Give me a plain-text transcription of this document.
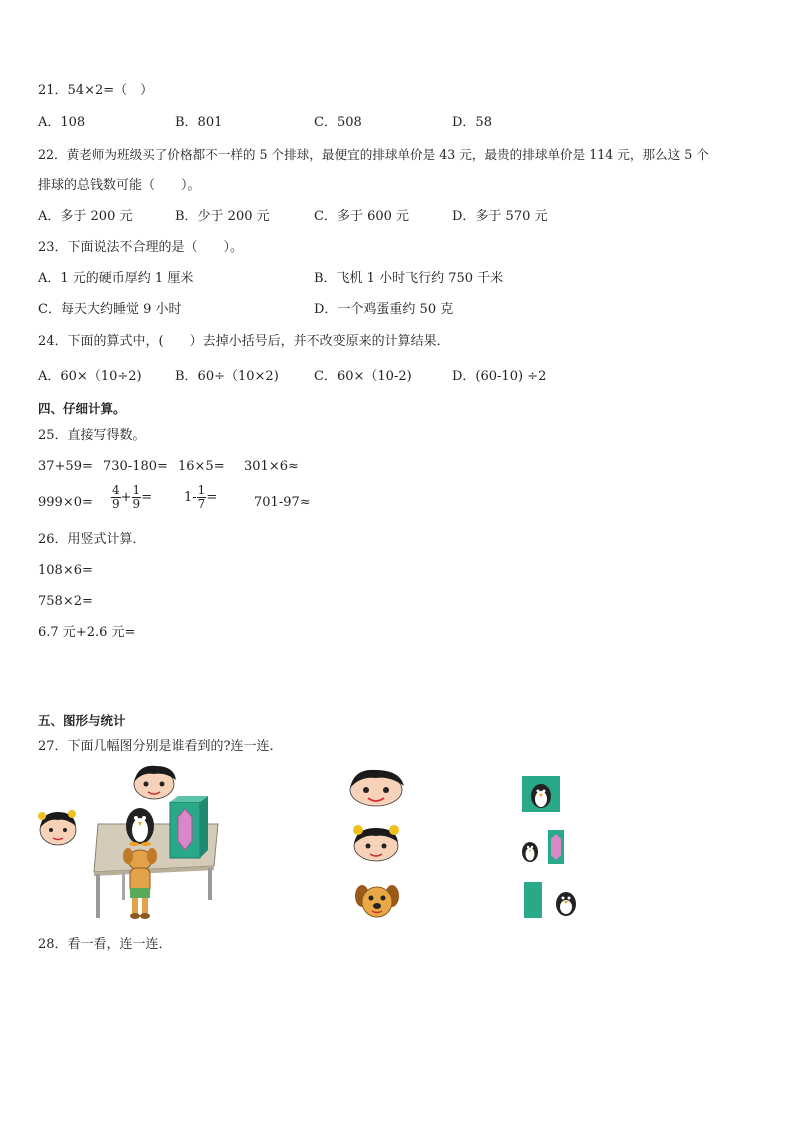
21．54×2=（　）
A．108	B．801	C．508	D．58
22．黄老师为班级买了价格都不一样的 5 个排球，最便宜的排球单价是 43 元，最贵的排球单价是 114 元，那么这 5 个
排球的总钱数可能（　　）。
A．多于 200 元	B．少于 200 元	C．多于 600 元	D．多于 570 元
23．下面说法不合理的是（　　）。
A．1 元的硬币厚约 1 厘米	B．飞机 1 小时飞行约 750 千米
C．每天大约睡觉 9 小时	D．一个鸡蛋重约 50 克
24．下面的算式中，(　　）去掉小括号后，并不改变原来的计算结果．
A．60×（10÷2)	B．60÷（10×2)	C．60×（10-2)	D．(60-10) ÷2
四、仔细计算。
25．直接写得数。
37+59= 730-180= 16×5= 301×6≈
$999\times 0= \frac{4}{9} + \frac{1}{9} = 1- \frac{1}{7}$ =	701-97≈
26．用竖式计算．
108×6=
758×2=
6.7 元+2.6 元=
五、图形与统计
27．下面几幅图分别是谁看到的?连一连.
28．看一看，连一连．
